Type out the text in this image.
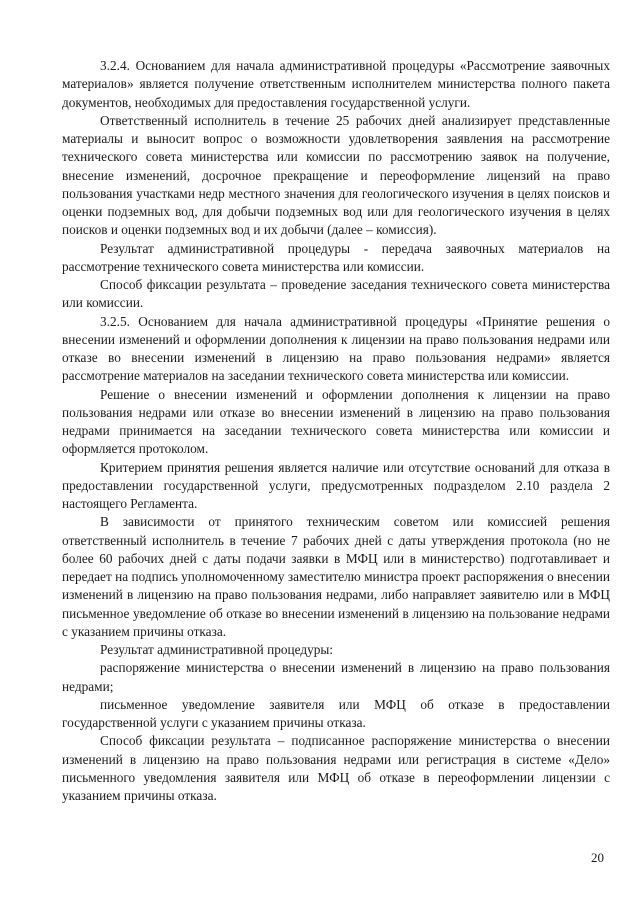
3.2.4. Основанием для начала административной процедуры «Рассмотрение заявочных материалов» является получение ответственным исполнителем министерства полного пакета документов, необходимых для предоставления государственной услуги.

Ответственный исполнитель в течение 25 рабочих дней анализирует представленные материалы и выносит вопрос о возможности удовлетворения заявления на рассмотрение технического совета министерства или комиссии по рассмотрению заявок на получение, внесение изменений, досрочное прекращение и переоформление лицензий на право пользования участками недр местного значения для геологического изучения в целях поисков и оценки подземных вод, для добычи подземных вод или для геологического изучения в целях поисков и оценки подземных вод и их добычи (далее – комиссия).

Результат административной процедуры - передача заявочных материалов на рассмотрение технического совета министерства или комиссии.

Способ фиксации результата – проведение заседания технического совета министерства или комиссии.

3.2.5. Основанием для начала административной процедуры «Принятие решения о внесении изменений и оформлении дополнения к лицензии на право пользования недрами или отказе во внесении изменений в лицензию на право пользования недрами» является рассмотрение материалов на заседании технического совета министерства или комиссии.

Решение о внесении изменений и оформлении дополнения к лицензии на право пользования недрами или отказе во внесении изменений в лицензию на право пользования недрами принимается на заседании технического совета министерства или комиссии и оформляется протоколом.

Критерием принятия решения является наличие или отсутствие оснований для отказа в предоставлении государственной услуги, предусмотренных подразделом 2.10 раздела 2 настоящего Регламента.

В зависимости от принятого техническим советом или комиссией решения ответственный исполнитель в течение 7 рабочих дней с даты утверждения протокола (но не более 60 рабочих дней с даты подачи заявки в МФЦ или в министерство) подготавливает и передает на подпись уполномоченному заместителю министра проект распоряжения о внесении изменений в лицензию на право пользования недрами, либо направляет заявителю или в МФЦ письменное уведомление об отказе во внесении изменений в лицензию на пользование недрами с указанием причины отказа.

Результат административной процедуры:

распоряжение министерства о внесении изменений в лицензию на право пользования недрами;

письменное уведомление заявителя или МФЦ об отказе в предоставлении государственной услуги с указанием причины отказа.

Способ фиксации результата – подписанное распоряжение министерства о внесении изменений в лицензию на право пользования недрами или регистрация в системе «Дело» письменного уведомления заявителя или МФЦ об отказе в переоформлении лицензии с указанием причины отказа.

20
